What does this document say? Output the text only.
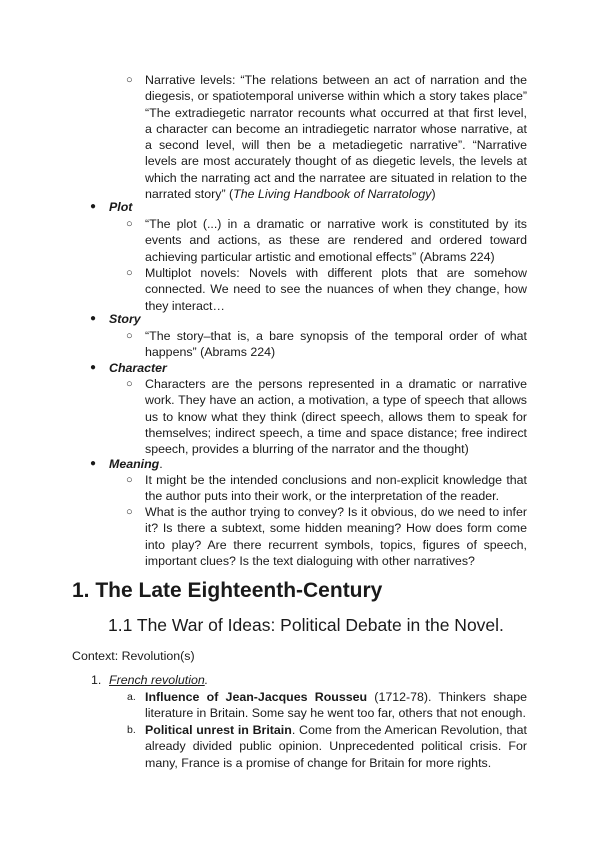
○ Narrative levels: “The relations between an act of narration and the diegesis, or spatiotemporal universe within which a story takes place” “The extradiegetic narrator recounts what occurred at that first level, a character can become an intradiegetic narrator whose narrative, at a second level, will then be a metadiegetic narrative”. “Narrative levels are most accurately thought of as diegetic levels, the levels at which the narrating act and the narratee are situated in relation to the narrated story” (The Living Handbook of Narratology)
● Plot
○ “The plot (...) in a dramatic or narrative work is constituted by its events and actions, as these are rendered and ordered toward achieving particular artistic and emotional effects” (Abrams 224)
○ Multiplot novels: Novels with different plots that are somehow connected. We need to see the nuances of when they change, how they interact…
● Story
○ “The story–that is, a bare synopsis of the temporal order of what happens” (Abrams 224)
● Character
○ Characters are the persons represented in a dramatic or narrative work. They have an action, a motivation, a type of speech that allows us to know what they think (direct speech, allows them to speak for themselves; indirect speech, a time and space distance; free indirect speech, provides a blurring of the narrator and the thought)
● Meaning.
○ It might be the intended conclusions and non-explicit knowledge that the author puts into their work, or the interpretation of the reader.
○ What is the author trying to convey? Is it obvious, do we need to infer it? Is there a subtext, some hidden meaning? How does form come into play? Are there recurrent symbols, topics, figures of speech, important clues? Is the text dialoguing with other narratives?
1. The Late Eighteenth-Century
1.1 The War of Ideas: Political Debate in the Novel.
Context: Revolution(s)
1. French revolution.
a. Influence of Jean-Jacques Rousseu (1712-78). Thinkers shape literature in Britain. Some say he went too far, others that not enough.
b. Political unrest in Britain. Come from the American Revolution, that already divided public opinion. Unprecedented political crisis. For many, France is a promise of change for Britain for more rights.
